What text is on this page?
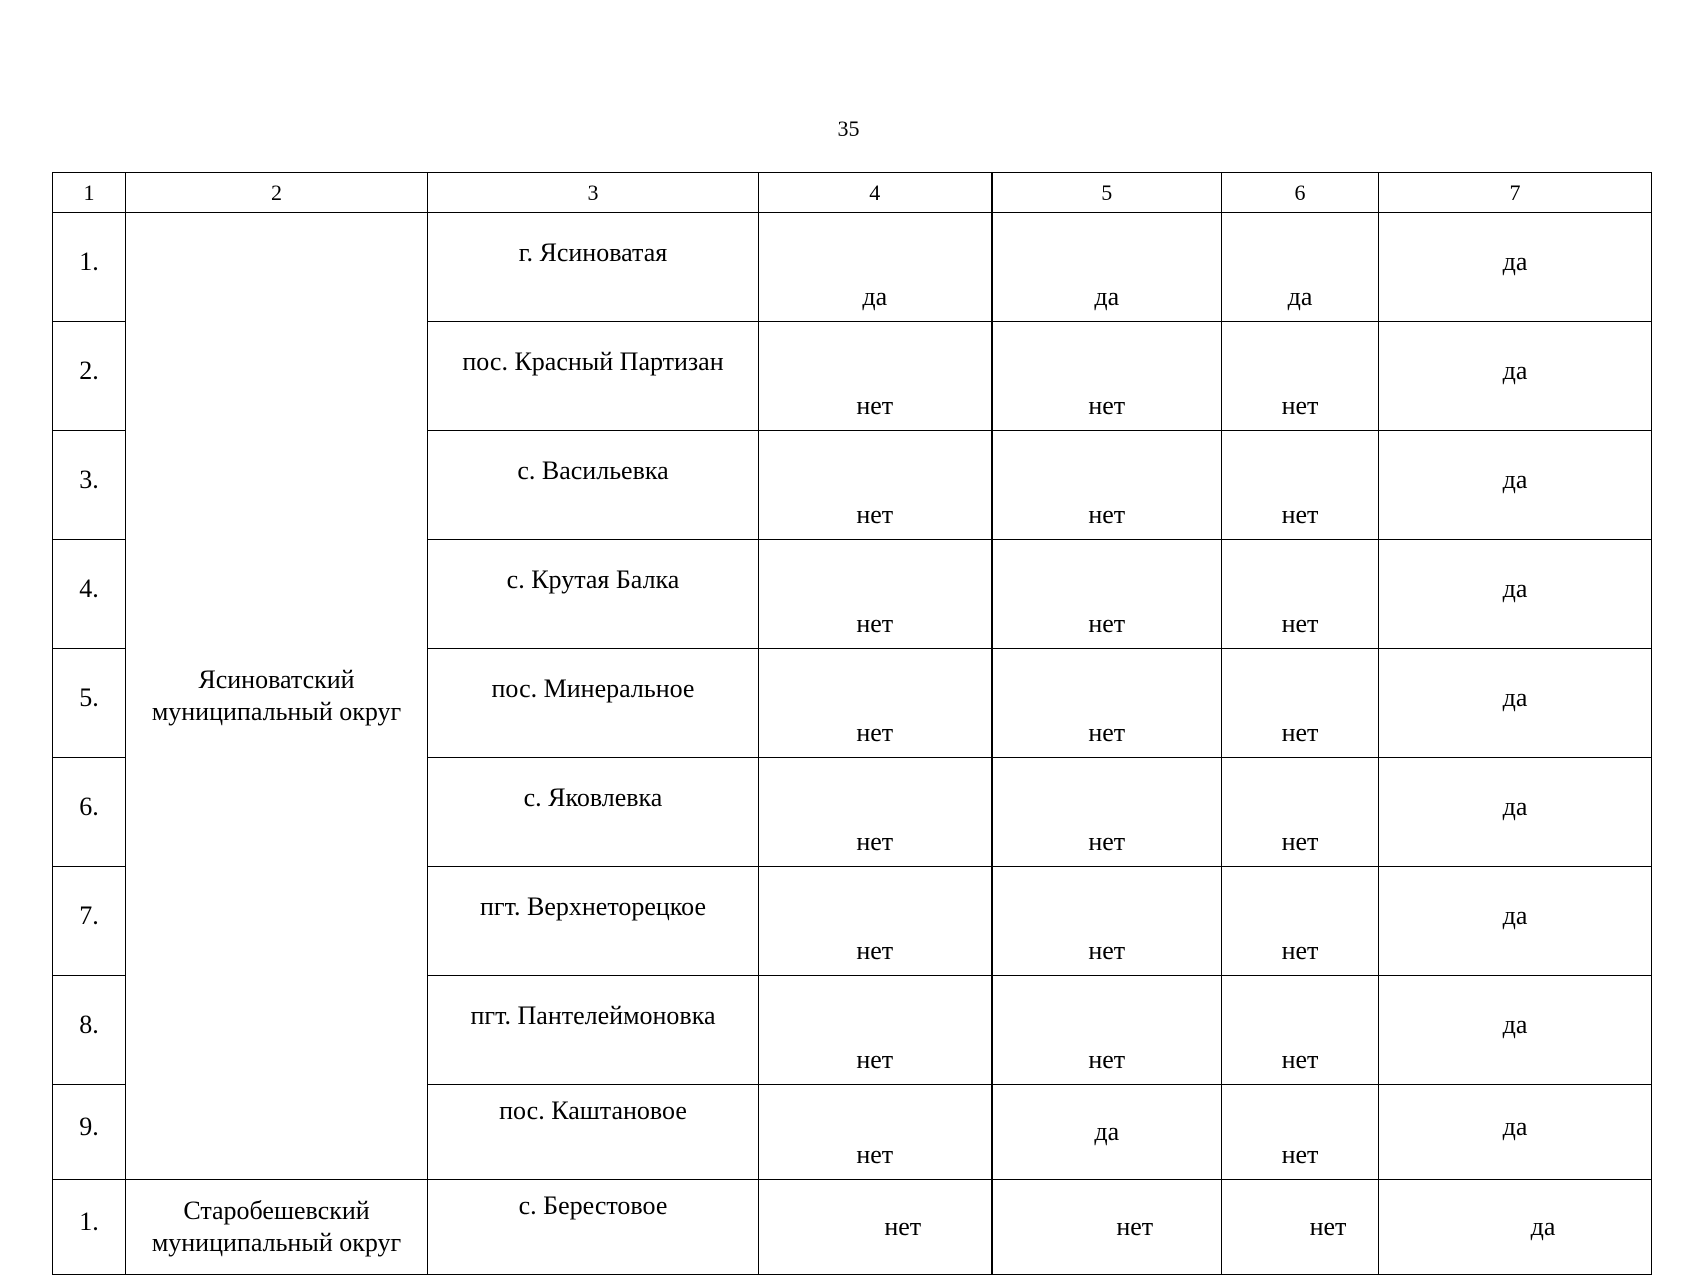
35
1	2	3	4	5	6	7
1.	Ясиноватский муниципальный округ	г. Ясиноватая	да	да	да	да
2.		пос. Красный Партизан	нет	нет	нет	да
3.		с. Васильевка	нет	нет	нет	да
4.		с. Крутая Балка	нет	нет	нет	да
5.		пос. Минеральное	нет	нет	нет	да
6.		с. Яковлевка	нет	нет	нет	да
7.		пгт. Верхнеторецкое	нет	нет	нет	да
8.		пгт. Пантелеймоновка	нет	нет	нет	да
9.		пос. Каштановое	нет	да	нет	да
1.	Старобешевский муниципальный округ	с. Берестовое	нет	нет	нет	да
